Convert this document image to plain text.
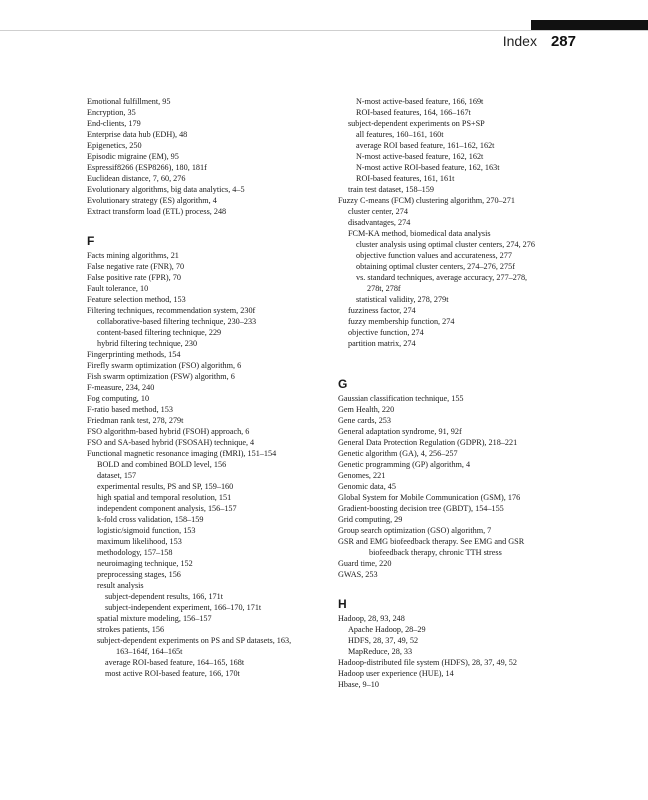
Index 287
Emotional fulfillment, 95
Encryption, 35
End-clients, 179
Enterprise data hub (EDH), 48
Epigenetics, 250
Episodic migraine (EM), 95
Espressif8266 (ESP8266), 180, 181f
Euclidean distance, 7, 60, 276
Evolutionary algorithms, big data analytics, 4–5
Evolutionary strategy (ES) algorithm, 4
Extract transform load (ETL) process, 248
F
Facts mining algorithms, 21
False negative rate (FNR), 70
False positive rate (FPR), 70
Fault tolerance, 10
Feature selection method, 153
Filtering techniques, recommendation system, 230f
collaborative-based filtering technique, 230–233
content-based filtering technique, 229
hybrid filtering technique, 230
Fingerprinting methods, 154
Firefly swarm optimization (FSO) algorithm, 6
Fish swarm optimization (FSW) algorithm, 6
F-measure, 234, 240
Fog computing, 10
F-ratio based method, 153
Friedman rank test, 278, 279t
FSO algorithm-based hybrid (FSOH) approach, 6
FSO and SA-based hybrid (FSOSAH) technique, 4
Functional magnetic resonance imaging (fMRI), 151–154
BOLD and combined BOLD level, 156
dataset, 157
experimental results, PS and SP, 159–160
high spatial and temporal resolution, 151
independent component analysis, 156–157
k-fold cross validation, 158–159
logistic/sigmoid function, 153
maximum likelihood, 153
methodology, 157–158
neuroimaging technique, 152
preprocessing stages, 156
result analysis
subject-dependent results, 166, 171t
subject-independent experiment, 166–170, 171t
spatial mixture modeling, 156–157
strokes patients, 156
subject-dependent experiments on PS and SP datasets, 163,
163–164f, 164–165t
average ROI-based feature, 164–165, 168t
most active ROI-based feature, 166, 170t
N-most active-based feature, 166, 169t
ROI-based features, 164, 166–167t
subject-dependent experiments on PS+SP
all features, 160–161, 160t
average ROI based feature, 161–162, 162t
N-most active-based feature, 162, 162t
N-most active ROI-based feature, 162, 163t
ROI-based features, 161, 161t
train test dataset, 158–159
Fuzzy C-means (FCM) clustering algorithm, 270–271
cluster center, 274
disadvantages, 274
FCM-KA method, biomedical data analysis
cluster analysis using optimal cluster centers, 274, 276
objective function values and accurateness, 277
obtaining optimal cluster centers, 274–276, 275f
vs. standard techniques, average accuracy, 277–278,
278t, 278f
statistical validity, 278, 279t
fuzziness factor, 274
fuzzy membership function, 274
objective function, 274
partition matrix, 274
G
Gaussian classification technique, 155
Gem Health, 220
Gene cards, 253
General adaptation syndrome, 91, 92f
General Data Protection Regulation (GDPR), 218–221
Genetic algorithm (GA), 4, 256–257
Genetic programming (GP) algorithm, 4
Genomes, 221
Genomic data, 45
Global System for Mobile Communication (GSM), 176
Gradient-boosting decision tree (GBDT), 154–155
Grid computing, 29
Group search optimization (GSO) algorithm, 7
GSR and EMG biofeedback therapy. See EMG and GSR
biofeedback therapy, chronic TTH stress
Guard time, 220
GWAS, 253
H
Hadoop, 28, 93, 248
Apache Hadoop, 28–29
HDFS, 28, 37, 49, 52
MapReduce, 28, 33
Hadoop-distributed file system (HDFS), 28, 37, 49, 52
Hadoop user experience (HUE), 14
Hbase, 9–10
